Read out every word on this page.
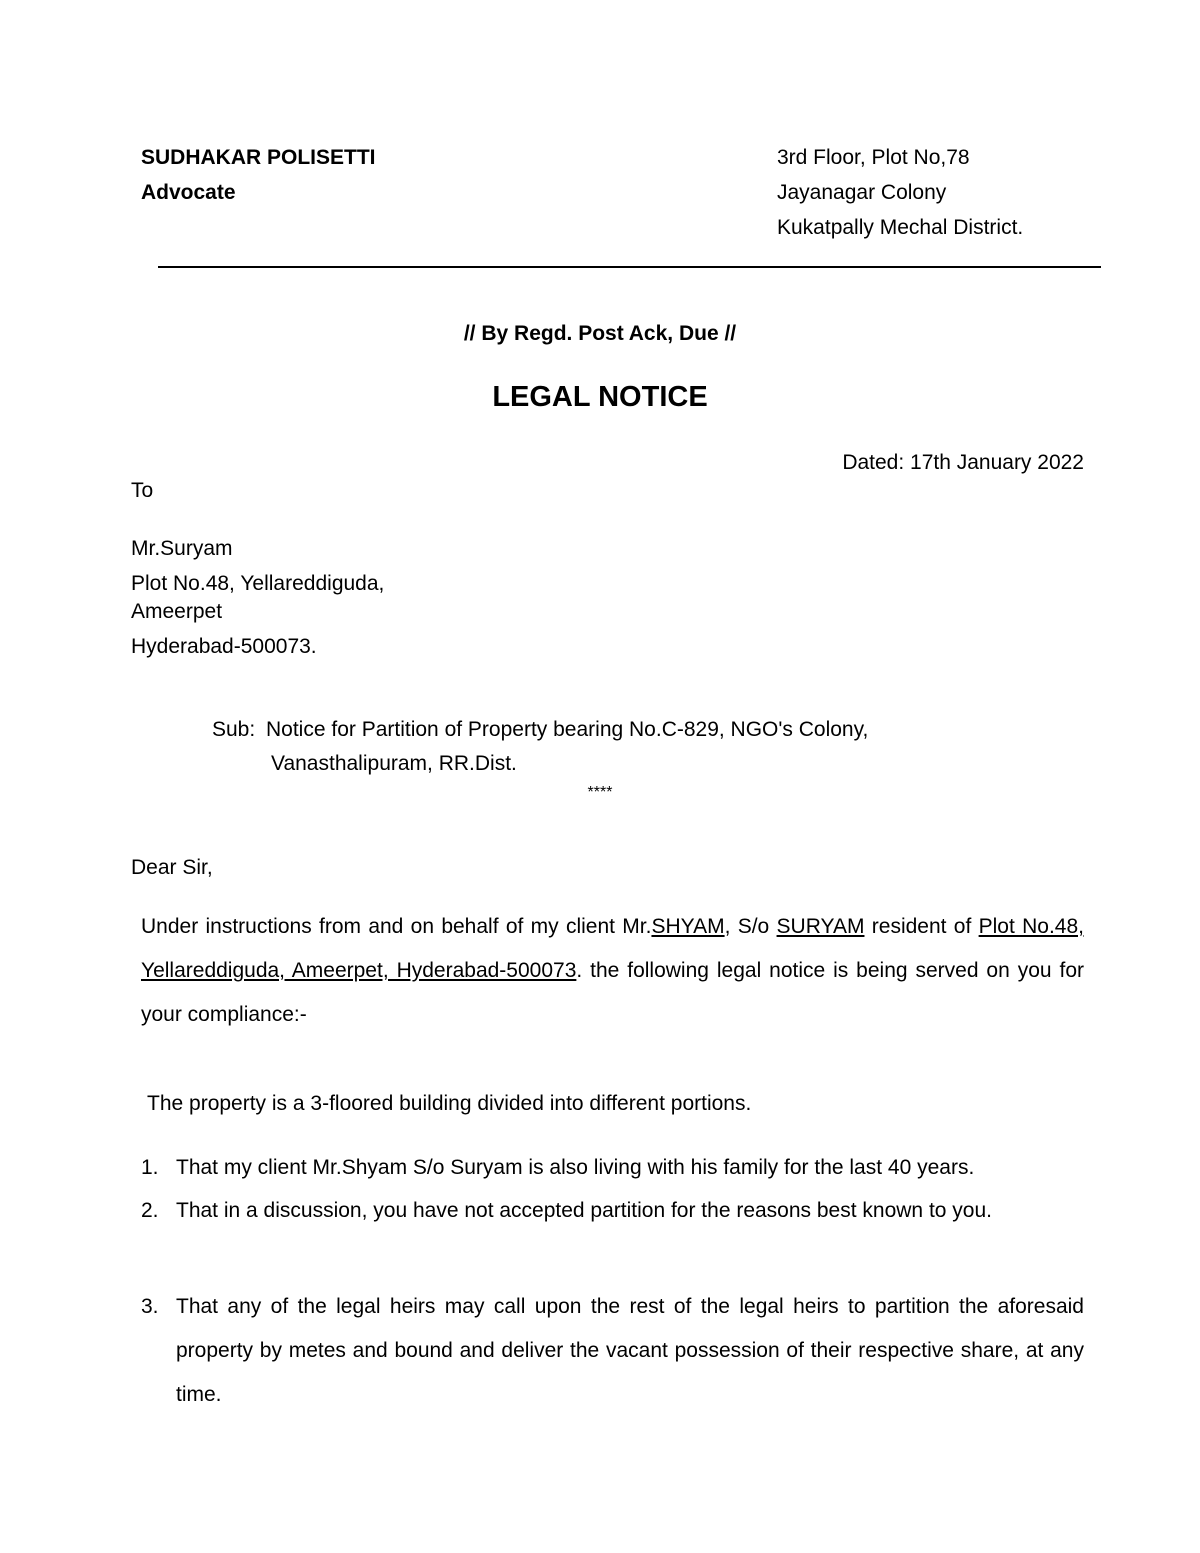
SUDHAKAR POLISETTI
Advocate
3rd Floor, Plot No,78
Jayanagar Colony
Kukatpally Mechal District.
// By Regd. Post Ack, Due //
LEGAL NOTICE
Dated: 17th January 2022
To
Mr.Suryam
Plot No.48, Yellareddiguda,
Ameerpet
Hyderabad-500073.
Sub: Notice for Partition of Property bearing No.C-829, NGO's Colony,
Vanasthalipuram, RR.Dist.
****
Dear Sir,
Under instructions from and on behalf of my client Mr.SHYAM, S/o SURYAM resident of Plot No.48, Yellareddiguda, Ameerpet, Hyderabad-500073. the following legal notice is being served on you for your compliance:-
The property is a 3-floored building divided into different portions.
1. That my client Mr.Shyam S/o Suryam is also living with his family for the last 40 years.
2. That in a discussion, you have not accepted partition for the reasons best known to you.
3. That any of the legal heirs may call upon the rest of the legal heirs to partition the aforesaid property by metes and bound and deliver the vacant possession of their respective share, at any time.
